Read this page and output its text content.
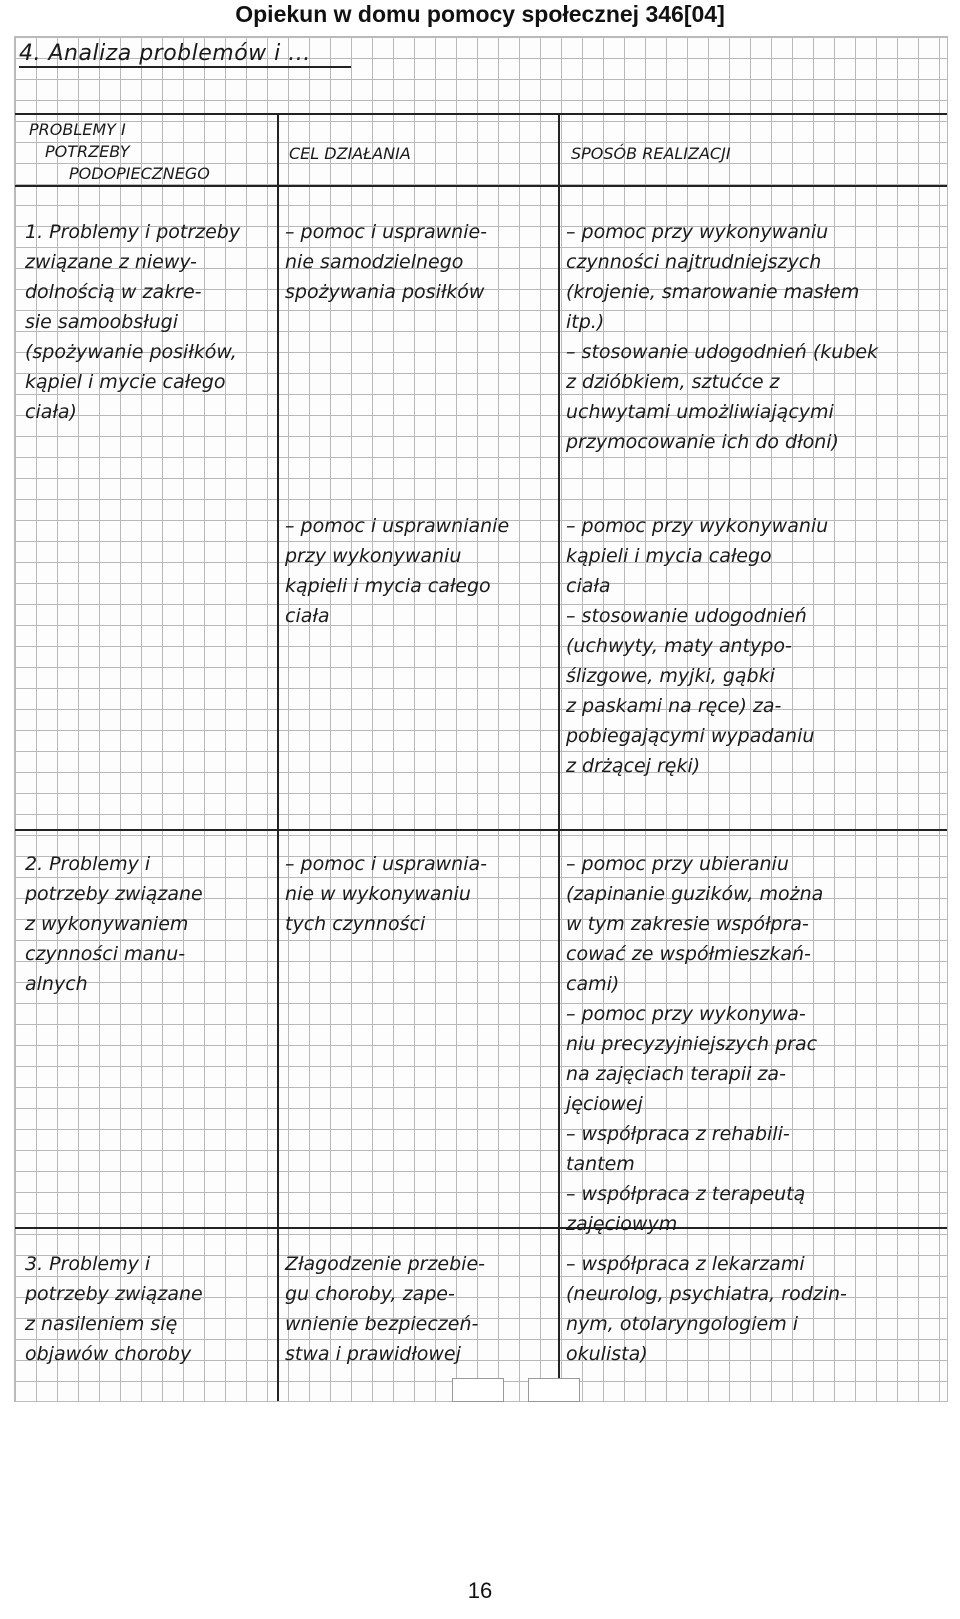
Opiekun w domu pomocy społecznej 346[04]
4. Analiza problemów i ...
PROBLEMY I
POTRZEBY
PODOPIECZNEGO
CEL DZIAŁANIA	SPOSÓB REALIZACJI

1. Problemy i potrzeby

związane z niewy-

dolnością w zakre-

sie samoobsługi

(spożywanie posiłków,

kąpiel i mycie całego

ciała)

– pomoc i usprawnie-

nie samodzielnego

spożywania posiłków

– pomoc przy wykonywaniu

czynności najtrudniejszych

(krojenie, smarowanie masłem

itp.)

– stosowanie udogodnień (kubek

z dzióbkiem, sztućce z

uchwytami umożliwiającymi

przymocowanie ich do dłoni)

– pomoc i usprawnianie

przy wykonywaniu

kąpieli i mycia całego

ciała

– pomoc przy wykonywaniu

kąpieli i mycia całego

ciała

– stosowanie udogodnień

(uchwyty, maty antypo-

ślizgowe, myjki, gąbki

z paskami na ręce) za-

pobiegającymi wypadaniu

z drżącej ręki)

2. Problemy i

potrzeby związane

z wykonywaniem

czynności manu-

alnych

– pomoc i usprawnia-

nie w wykonywaniu

tych czynności

– pomoc przy ubieraniu

(zapinanie guzików, można

w tym zakresie współpra-

cować ze współmieszkań-

cami)

– pomoc przy wykonywa-

niu precyzyjniejszych prac

na zajęciach terapii za-

jęciowej

– współpraca z rehabili-

tantem

– współpraca z terapeutą

zajęciowym

3. Problemy i

potrzeby związane

z nasileniem się

objawów choroby

Złagodzenie przebie-

gu choroby, zape-

wnienie bezpieczeń-

stwa i prawidłowej

– współpraca z lekarzami

(neurolog, psychiatra, rodzin-

nym, otolaryngologiem i

okulista)

16
